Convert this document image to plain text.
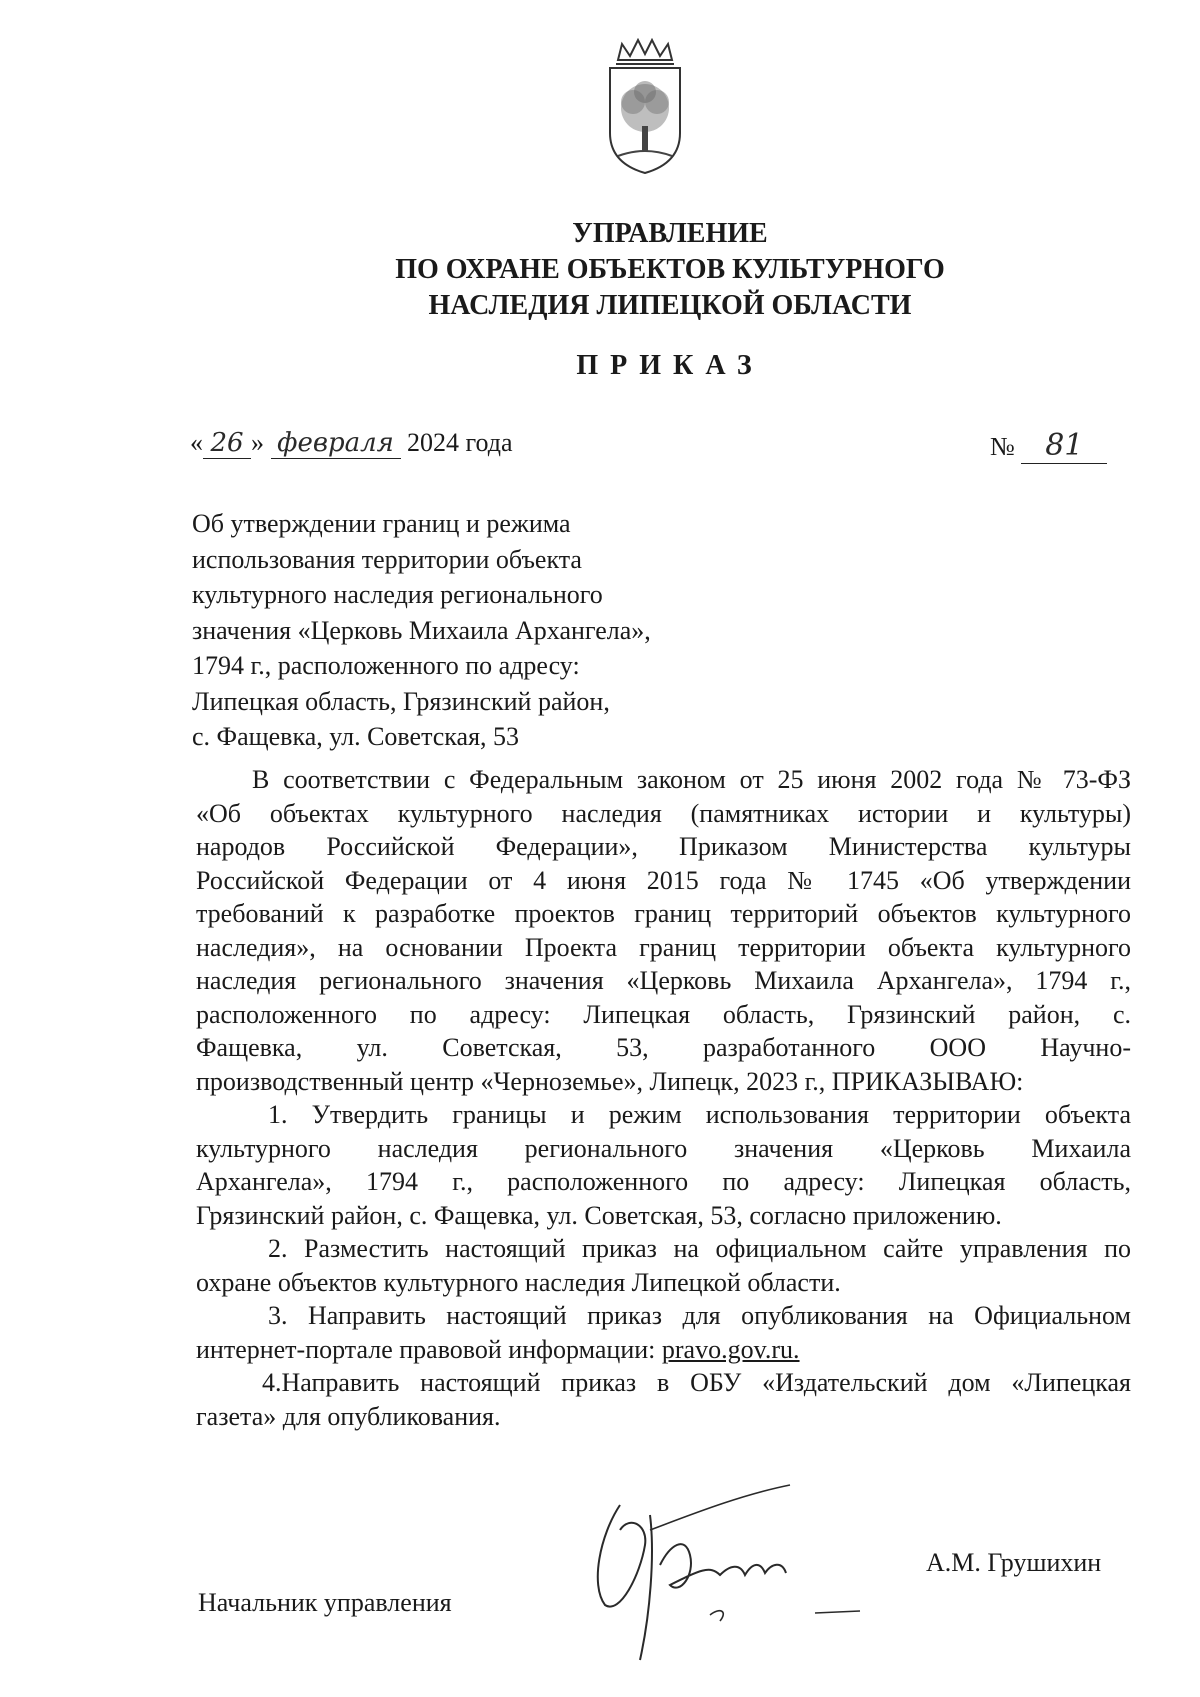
УПРАВЛЕНИЕ
ПО ОХРАНЕ ОБЪЕКТОВ КУЛЬТУРНОГО
НАСЛЕДИЯ ЛИПЕЦКОЙ ОБЛАСТИ
ПРИКАЗ
« 26 » февраля 2024 года	№ 81
Об утверждении границ и режима
использования территории объекта
культурного наследия регионального
значения «Церковь Михаила Архангела»,
1794 г., расположенного по адресу:
Липецкая область, Грязинский район,
с. Фащевка, ул. Советская, 53

В соответствии с Федеральным законом от 25 июня 2002 года № 73-ФЗ

«Об объектах культурного наследия (памятниках истории и культуры)

народов Российской Федерации», Приказом Министерства культуры

Российской Федерации от 4 июня 2015 года № 1745 «Об утверждении

требований к разработке проектов границ территорий объектов культурного

наследия», на основании Проекта границ территории объекта культурного

наследия регионального значения «Церковь Михаила Архангела», 1794 г.,

расположенного по адресу: Липецкая область, Грязинский район, с.

Фащевка, ул. Советская, 53, разработанного ООО Научно-

производственный центр «Черноземье», Липецк, 2023 г., ПРИКАЗЫВАЮ:

1. Утвердить границы и режим использования территории объекта

культурного наследия регионального значения «Церковь Михаила

Архангела», 1794 г., расположенного по адресу: Липецкая область,

Грязинский район, с. Фащевка, ул. Советская, 53, согласно приложению.

2. Разместить настоящий приказ на официальном сайте управления по

охране объектов культурного наследия Липецкой области.

3. Направить настоящий приказ для опубликования на Официальном

интернет-портале правовой информации: pravo.gov.ru.

4.Направить настоящий приказ в ОБУ «Издательский дом «Липецкая

газета» для опубликования.

Начальник управления
А.М. Грушихин
